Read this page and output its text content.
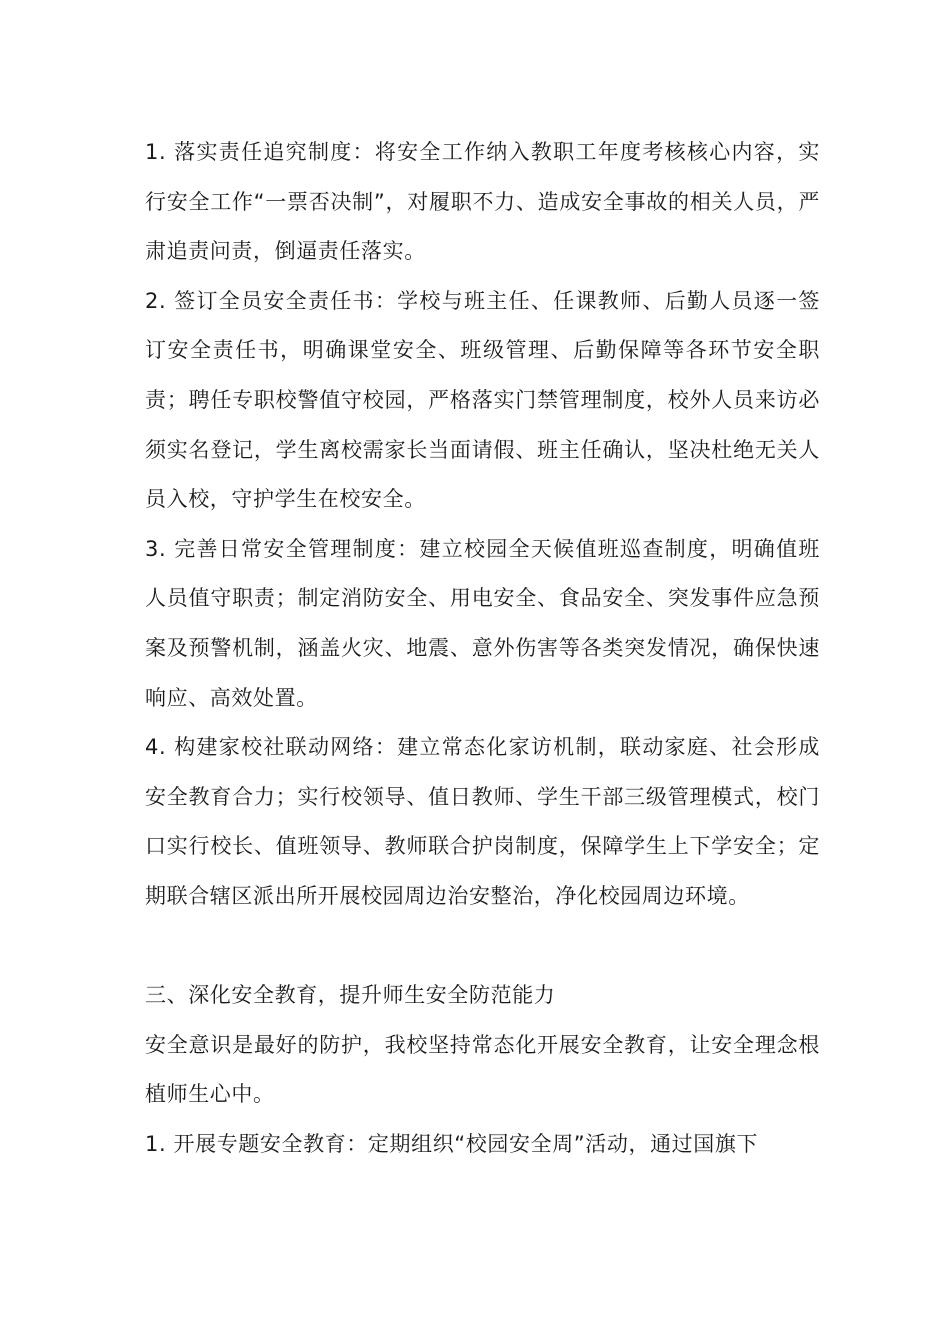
1. 落实责任追究制度：将安全工作纳入教职工年度考核核心内容，实行安全工作“一票否决制”，对履职不力、造成安全事故的相关人员，严肃追责问责，倒逼责任落实。

2. 签订全员安全责任书：学校与班主任、任课教师、后勤人员逐一签订安全责任书，明确课堂安全、班级管理、后勤保障等各环节安全职责；聘任专职校警值守校园，严格落实门禁管理制度，校外人员来访必须实名登记，学生离校需家长当面请假、班主任确认，坚决杜绝无关人员入校，守护学生在校安全。

3. 完善日常安全管理制度：建立校园全天候值班巡查制度，明确值班人员值守职责；制定消防安全、用电安全、食品安全、突发事件应急预案及预警机制，涵盖火灾、地震、意外伤害等各类突发情况，确保快速响应、高效处置。

4. 构建家校社联动网络：建立常态化家访机制，联动家庭、社会形成安全教育合力；实行校领导、值日教师、学生干部三级管理模式，校门口实行校长、值班领导、教师联合护岗制度，保障学生上下学安全；定期联合辖区派出所开展校园周边治安整治，净化校园周边环境。

三、深化安全教育，提升师生安全防范能力

安全意识是最好的防护，我校坚持常态化开展安全教育，让安全理念根植师生心中。

1. 开展专题安全教育：定期组织“校园安全周”活动，通过国旗下
